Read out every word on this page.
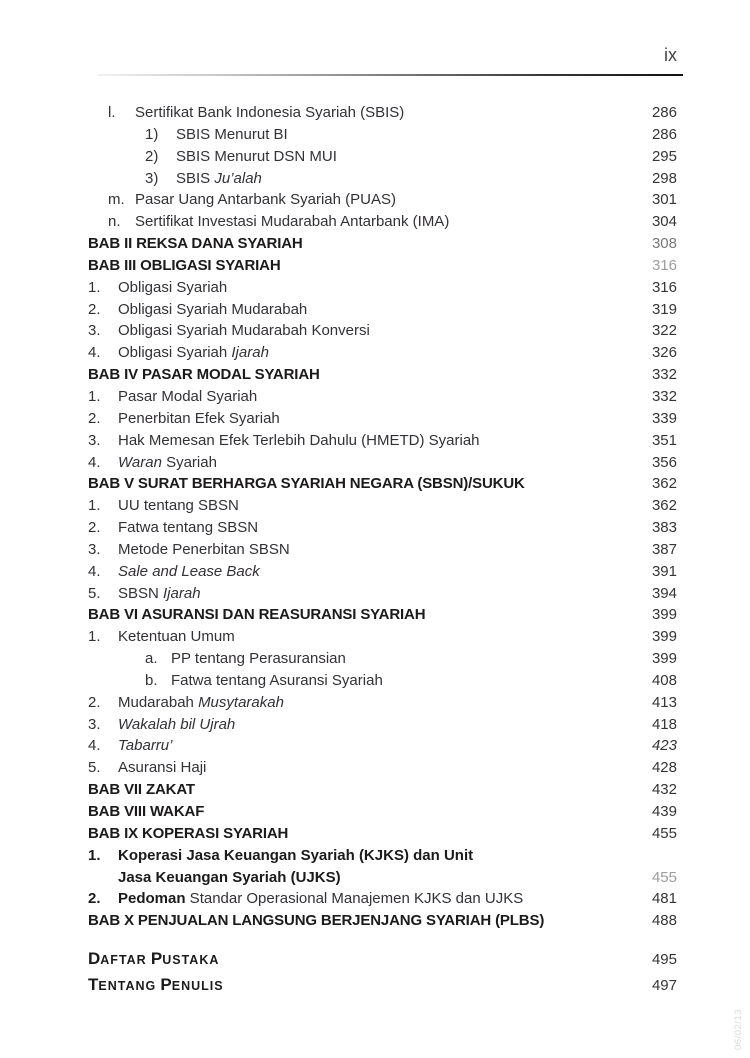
ix
l.	Sertifikat Bank Indonesia Syariah (SBIS)	286
1)	SBIS Menurut BI	286
2)	SBIS Menurut DSN MUI	295
3)	SBIS Ju’alah	298
m. Pasar Uang Antarbank Syariah (PUAS)	301
n. Sertifikat Investasi Mudarabah Antarbank (IMA)	304
BAB II REKSA DANA SYARIAH	308
BAB III OBLIGASI SYARIAH	316
1.	Obligasi Syariah	316
2.	Obligasi Syariah Mudarabah	319
3.	Obligasi Syariah Mudarabah Konversi	322
4.	Obligasi Syariah Ijarah	326
BAB IV PASAR MODAL SYARIAH	332
1.	Pasar Modal Syariah	332
2.	Penerbitan Efek Syariah	339
3.	Hak Memesan Efek Terlebih Dahulu (HMETD) Syariah	351
4.	Waran Syariah	356
BAB V SURAT BERHARGA SYARIAH NEGARA (SBSN)/SUKUK	362
1.	UU tentang SBSN	362
2.	Fatwa tentang SBSN	383
3.	Metode Penerbitan SBSN	387
4.	Sale and Lease Back	391
5.	SBSN Ijarah	394
BAB VI ASURANSI DAN REASURANSI SYARIAH	399
1.	Ketentuan Umum	399
a. PP tentang Perasuransian	399
b. Fatwa tentang Asuransi Syariah	408
2.	Mudarabah Musytarakah	413
3.	Wakalah bil Ujrah	418
4.	Tabarru’	423
5.	Asuransi Haji	428
BAB VII ZAKAT	432
BAB VIII WAKAF	439
BAB IX KOPERASI SYARIAH	455
1.	Koperasi Jasa Keuangan Syariah (KJKS) dan Unit
Jasa Keuangan Syariah (UJKS)	455
2.	Pedoman Standar Operasional Manajemen KJKS dan UJKS	481
BAB X PENJUALAN LANGSUNG BERJENJANG SYARIAH (PLBS)	488
DAFTAR PUSTAKA	495
TENTANG PENULIS	497
06/02/13
